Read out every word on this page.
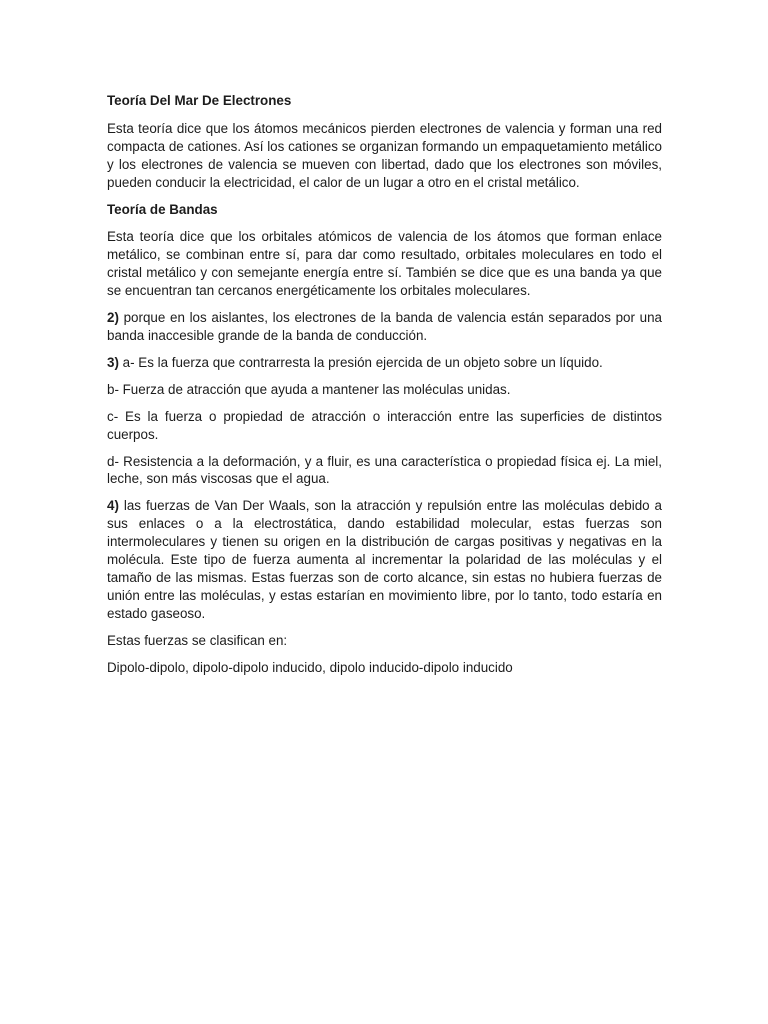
Teoría Del Mar De Electrones

Esta teoría dice que los átomos mecánicos pierden electrones de valencia y forman una red compacta de cationes. Así los cationes se organizan formando un empaquetamiento metálico y los electrones de valencia se mueven con libertad, dado que los electrones son móviles, pueden conducir la electricidad, el calor de un lugar a otro en el cristal metálico.

Teoría de Bandas

Esta teoría dice que los orbitales atómicos de valencia de los átomos que forman enlace metálico, se combinan entre sí, para dar como resultado, orbitales moleculares en todo el cristal metálico y con semejante energía entre sí. También se dice que es una banda ya que se encuentran tan cercanos energéticamente los orbitales moleculares.

2) porque en los aislantes, los electrones de la banda de valencia están separados por una banda inaccesible grande de la banda de conducción.

3) a- Es la fuerza que contrarresta la presión ejercida de un objeto sobre un líquido.

b- Fuerza de atracción que ayuda a mantener las moléculas unidas.

c- Es la fuerza o propiedad de atracción o interacción entre las superficies de distintos cuerpos.

d- Resistencia a la deformación, y a fluir, es una característica o propiedad física ej. La miel, leche, son más viscosas que el agua.

4) las fuerzas de Van Der Waals, son la atracción y repulsión entre las moléculas debido a sus enlaces o a la electrostática, dando estabilidad molecular, estas fuerzas son intermoleculares y tienen su origen en la distribución de cargas positivas y negativas en la molécula. Este tipo de fuerza aumenta al incrementar la polaridad de las moléculas y el tamaño de las mismas. Estas fuerzas son de corto alcance, sin estas no hubiera fuerzas de unión entre las moléculas, y estas estarían en movimiento libre, por lo tanto, todo estaría en estado gaseoso.

Estas fuerzas se clasifican en:

Dipolo-dipolo, dipolo-dipolo inducido, dipolo inducido-dipolo inducido
